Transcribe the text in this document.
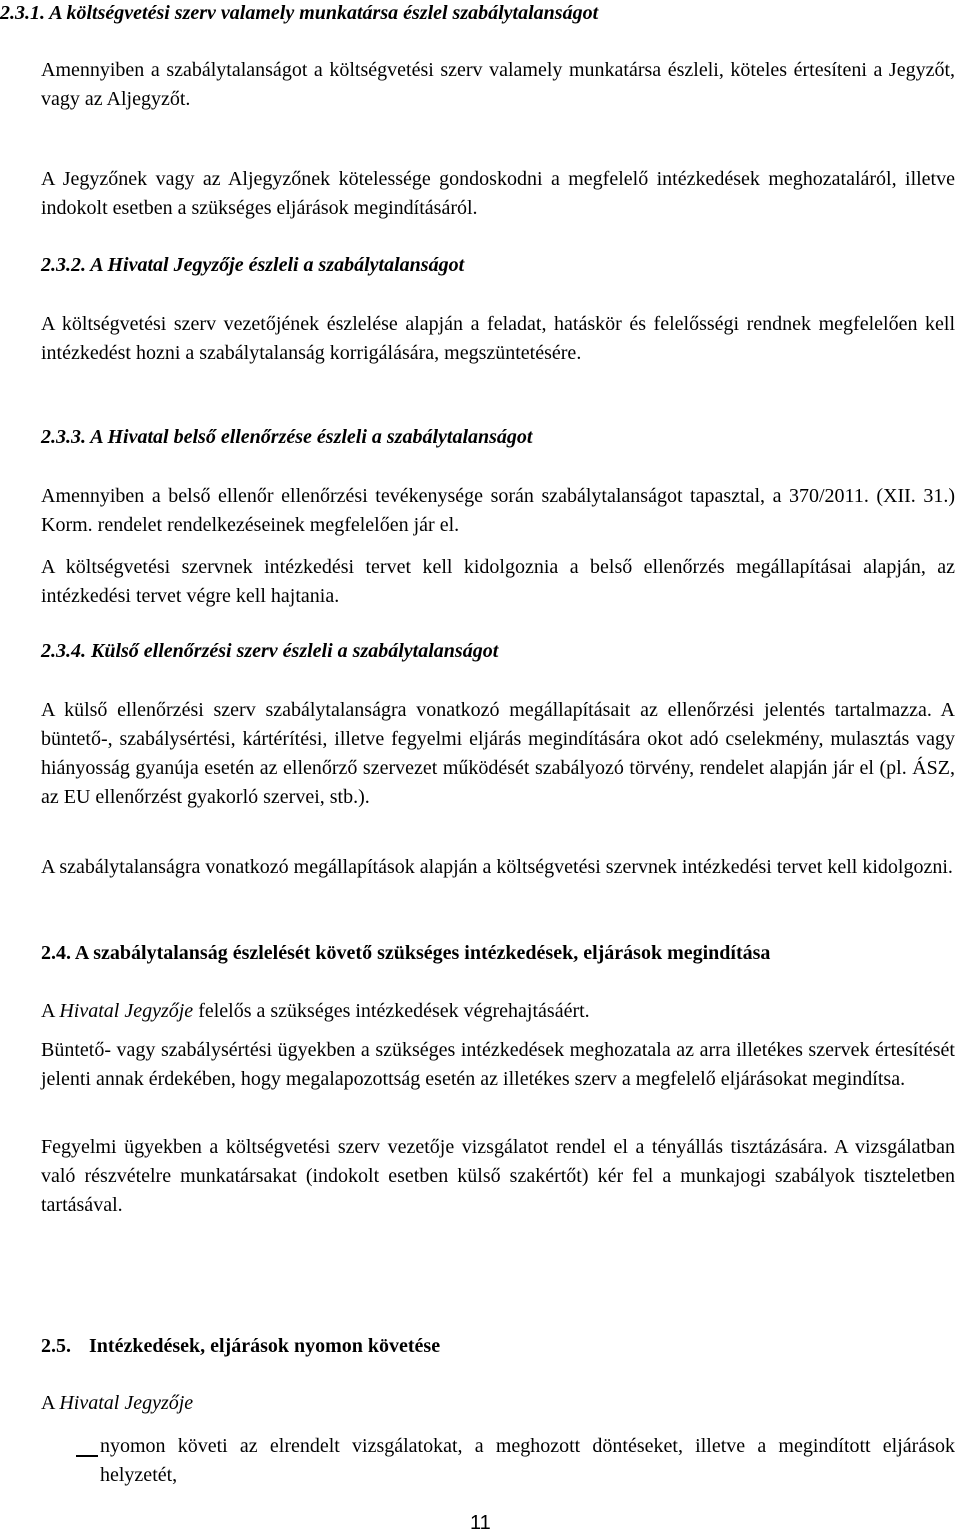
2.3.1. A költségvetési szerv valamely munkatársa észlel szabálytalanságot
Amennyiben a szabálytalanságot a költségvetési szerv valamely munkatársa észleli, köteles értesíteni a Jegyzőt, vagy az Aljegyzőt.
A Jegyzőnek vagy az Aljegyzőnek kötelessége gondoskodni a megfelelő intézkedések meghozataláról, illetve indokolt esetben a szükséges eljárások megindításáról.
2.3.2. A Hivatal Jegyzője észleli a szabálytalanságot
A költségvetési szerv vezetőjének észlelése alapján a feladat, hatáskör és felelősségi rendnek megfelelően kell intézkedést hozni a szabálytalanság korrigálására, megszüntetésére.
2.3.3. A Hivatal belső ellenőrzése észleli a szabálytalanságot
Amennyiben a belső ellenőr ellenőrzési tevékenysége során szabálytalanságot tapasztal, a 370/2011. (XII. 31.) Korm. rendelet rendelkezéseinek megfelelően jár el.
A költségvetési szervnek intézkedési tervet kell kidolgoznia a belső ellenőrzés megállapításai alapján, az intézkedési tervet végre kell hajtania.
2.3.4. Külső ellenőrzési szerv észleli a szabálytalanságot
A külső ellenőrzési szerv szabálytalanságra vonatkozó megállapításait az ellenőrzési jelentés tartalmazza. A büntető-, szabálysértési, kártérítési, illetve fegyelmi eljárás megindítására okot adó cselekmény, mulasztás vagy hiányosság gyanúja esetén az ellenőrző szervezet működését szabályozó törvény, rendelet alapján jár el (pl. ÁSZ, az EU ellenőrzést gyakorló szervei, stb.).
A szabálytalanságra vonatkozó megállapítások alapján a költségvetési szervnek intézkedési tervet kell kidolgozni.
2.4. A szabálytalanság észlelését követő szükséges intézkedések, eljárások megindítása
A Hivatal Jegyzője felelős a szükséges intézkedések végrehajtásáért.
Büntető- vagy szabálysértési ügyekben a szükséges intézkedések meghozatala az arra illetékes szervek értesítését jelenti annak érdekében, hogy megalapozottság esetén az illetékes szerv a megfelelő eljárásokat megindítsa.
Fegyelmi ügyekben a költségvetési szerv vezetője vizsgálatot rendel el a tényállás tisztázására. A vizsgálatban való részvételre munkatársakat (indokolt esetben külső szakértőt) kér fel a munkajogi szabályok tiszteletben tartásával.
2.5. Intézkedések, eljárások nyomon követése
A Hivatal Jegyzője
nyomon követi az elrendelt vizsgálatokat, a meghozott döntéseket, illetve a megindított eljárások helyzetét,
11
